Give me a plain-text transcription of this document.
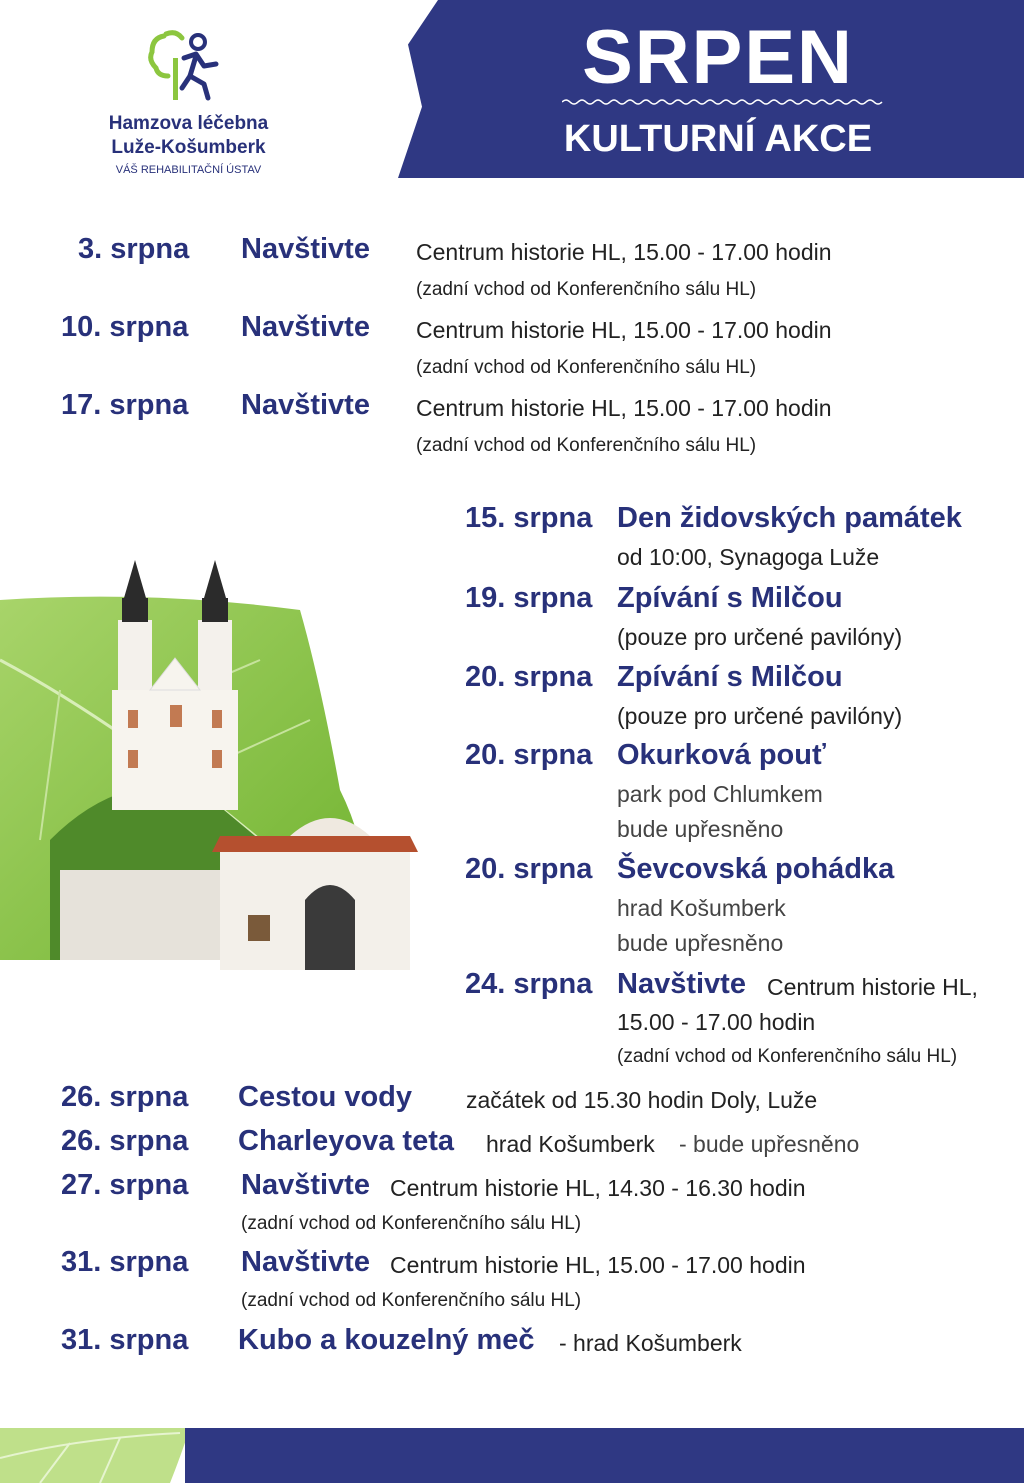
SRPEN
KULTURNÍ AKCE
Hamzova léčebna
Luže-Košumberk
VÁŠ REHABILITAČNÍ ÚSTAV
3. srpna Navštivte Centrum historie HL, 15.00 - 17.00 hodin
(zadní vchod od Konferenčního sálu HL)
10. srpna Navštivte Centrum historie HL, 15.00 - 17.00 hodin
(zadní vchod od Konferenčního sálu HL)
17. srpna Navštivte Centrum historie HL, 15.00 - 17.00 hodin
(zadní vchod od Konferenčního sálu HL)
15. srpna Den židovských památek
od 10:00, Synagoga Luže
19. srpna Zpívání s Milčou
(pouze pro určené pavilóny)
20. srpna Zpívání s Milčou
(pouze pro určené pavilóny)
20. srpna Okurková pouť
park pod Chlumkem
bude upřesněno
20. srpna Ševcovská pohádka
hrad Košumberk
bude upřesněno
24. srpna Navštivte Centrum historie HL,
15.00 - 17.00 hodin
(zadní vchod od Konferenčního sálu HL)
26. srpna Cestou vody začátek od 15.30 hodin Doly, Luže
26. srpna Charleyova teta hrad Košumberk - bude upřesněno
27. srpna Navštivte Centrum historie HL, 14.30 - 16.30 hodin
(zadní vchod od Konferenčního sálu HL)
31. srpna Navštivte Centrum historie HL, 15.00 - 17.00 hodin
(zadní vchod od Konferenčního sálu HL)
31. srpna Kubo a kouzelný meč - hrad Košumberk
